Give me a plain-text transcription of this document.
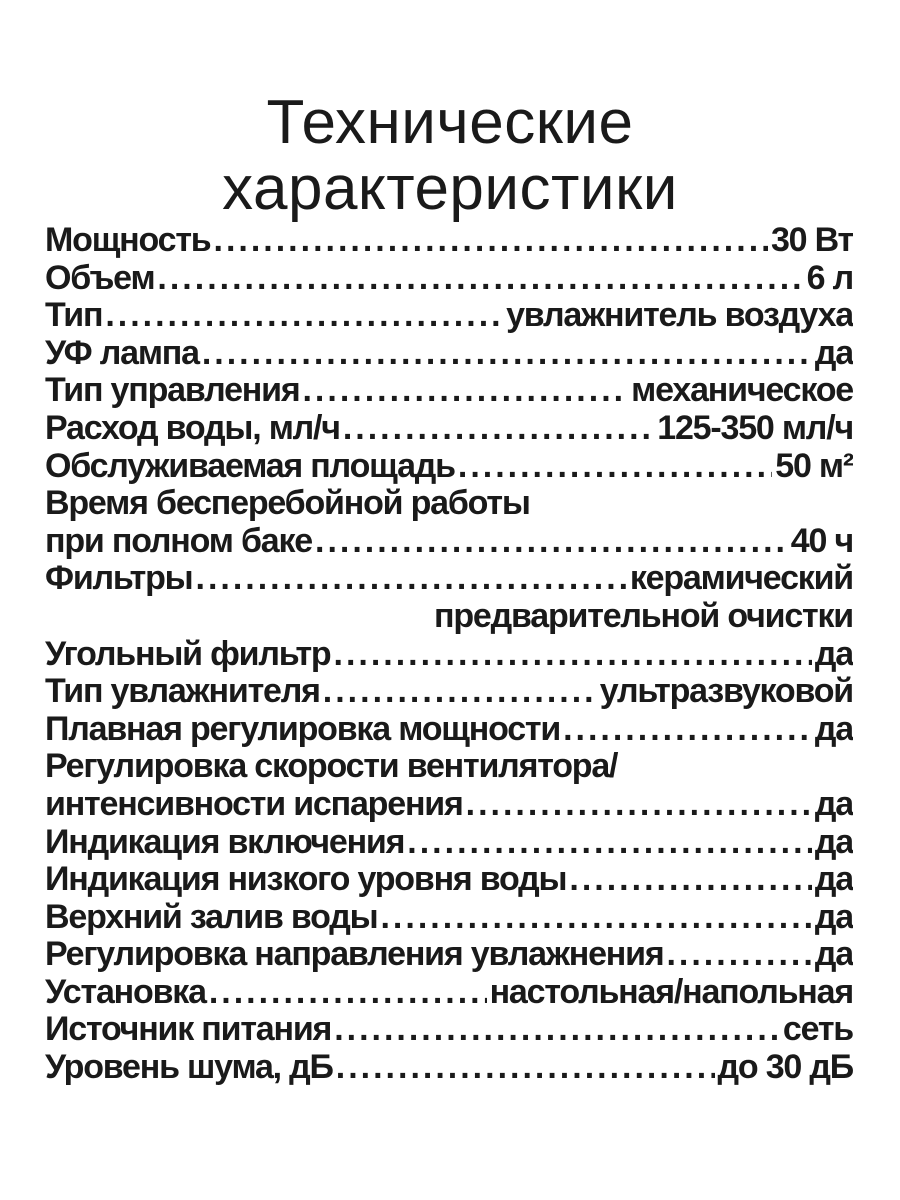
Технические
характеристики
Мощность .....	30 Вт
Объем .....	6 л
Тип .....	увлажнитель воздуха
УФ лампа .....	да
Тип управления .....	механическое
Расход воды, мл/ч .....	125-350 мл/ч
Обслуживаемая площадь .....	50 м²
Время бесперебойной работы
при полном баке .....	40 ч
Фильтры .....	керамический
предварительной очистки
Угольный фильтр .....	да
Тип увлажнителя .....	ультразвуковой
Плавная регулировка мощности .....	да
Регулировка скорости вентилятора/
интенсивности испарения .....	да
Индикация включения .....	да
Индикация низкого уровня воды .....	да
Верхний залив воды .....	да
Регулировка направления увлажнения .....	да
Установка .....	настольная/напольная
Источник питания .....	сеть
Уровень шума, дБ .....	до 30 дБ
